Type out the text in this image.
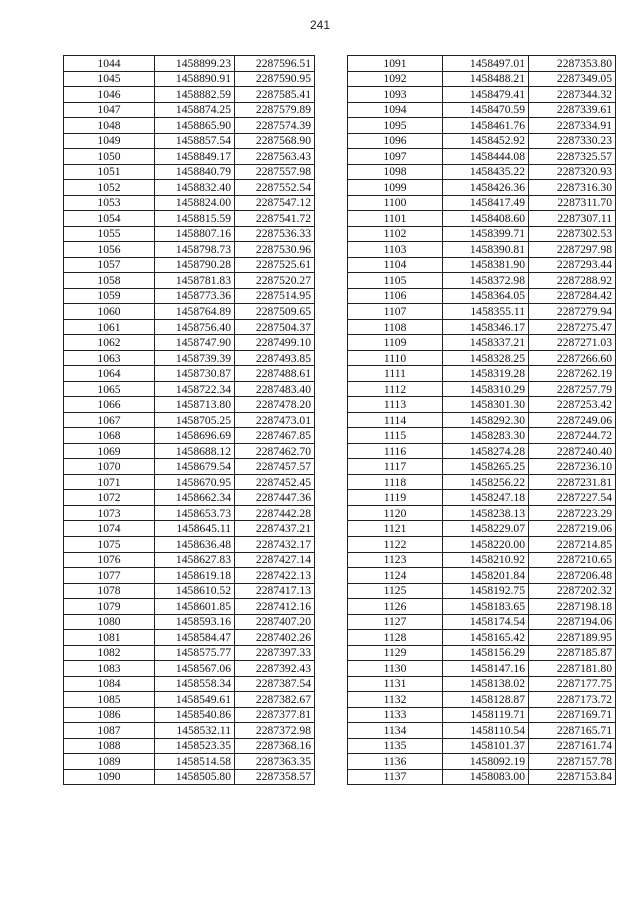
241
1044	1458899.23	2287596.51
1045	1458890.91	2287590.95
1046	1458882.59	2287585.41
1047	1458874.25	2287579.89
1048	1458865.90	2287574.39
1049	1458857.54	2287568.90
1050	1458849.17	2287563.43
1051	1458840.79	2287557.98
1052	1458832.40	2287552.54
1053	1458824.00	2287547.12
1054	1458815.59	2287541.72
1055	1458807.16	2287536.33
1056	1458798.73	2287530.96
1057	1458790.28	2287525.61
1058	1458781.83	2287520.27
1059	1458773.36	2287514.95
1060	1458764.89	2287509.65
1061	1458756.40	2287504.37
1062	1458747.90	2287499.10
1063	1458739.39	2287493.85
1064	1458730.87	2287488.61
1065	1458722.34	2287483.40
1066	1458713.80	2287478.20
1067	1458705.25	2287473.01
1068	1458696.69	2287467.85
1069	1458688.12	2287462.70
1070	1458679.54	2287457.57
1071	1458670.95	2287452.45
1072	1458662.34	2287447.36
1073	1458653.73	2287442.28
1074	1458645.11	2287437.21
1075	1458636.48	2287432.17
1076	1458627.83	2287427.14
1077	1458619.18	2287422.13
1078	1458610.52	2287417.13
1079	1458601.85	2287412.16
1080	1458593.16	2287407.20
1081	1458584.47	2287402.26
1082	1458575.77	2287397.33
1083	1458567.06	2287392.43
1084	1458558.34	2287387.54
1085	1458549.61	2287382.67
1086	1458540.86	2287377.81
1087	1458532.11	2287372.98
1088	1458523.35	2287368.16
1089	1458514.58	2287363.35
1090	1458505.80	2287358.57
1091	1458497.01	2287353.80
1092	1458488.21	2287349.05
1093	1458479.41	2287344.32
1094	1458470.59	2287339.61
1095	1458461.76	2287334.91
1096	1458452.92	2287330.23
1097	1458444.08	2287325.57
1098	1458435.22	2287320.93
1099	1458426.36	2287316.30
1100	1458417.49	2287311.70
1101	1458408.60	2287307.11
1102	1458399.71	2287302.53
1103	1458390.81	2287297.98
1104	1458381.90	2287293.44
1105	1458372.98	2287288.92
1106	1458364.05	2287284.42
1107	1458355.11	2287279.94
1108	1458346.17	2287275.47
1109	1458337.21	2287271.03
1110	1458328.25	2287266.60
1111	1458319.28	2287262.19
1112	1458310.29	2287257.79
1113	1458301.30	2287253.42
1114	1458292.30	2287249.06
1115	1458283.30	2287244.72
1116	1458274.28	2287240.40
1117	1458265.25	2287236.10
1118	1458256.22	2287231.81
1119	1458247.18	2287227.54
1120	1458238.13	2287223.29
1121	1458229.07	2287219.06
1122	1458220.00	2287214.85
1123	1458210.92	2287210.65
1124	1458201.84	2287206.48
1125	1458192.75	2287202.32
1126	1458183.65	2287198.18
1127	1458174.54	2287194.06
1128	1458165.42	2287189.95
1129	1458156.29	2287185.87
1130	1458147.16	2287181.80
1131	1458138.02	2287177.75
1132	1458128.87	2287173.72
1133	1458119.71	2287169.71
1134	1458110.54	2287165.71
1135	1458101.37	2287161.74
1136	1458092.19	2287157.78
1137	1458083.00	2287153.84
